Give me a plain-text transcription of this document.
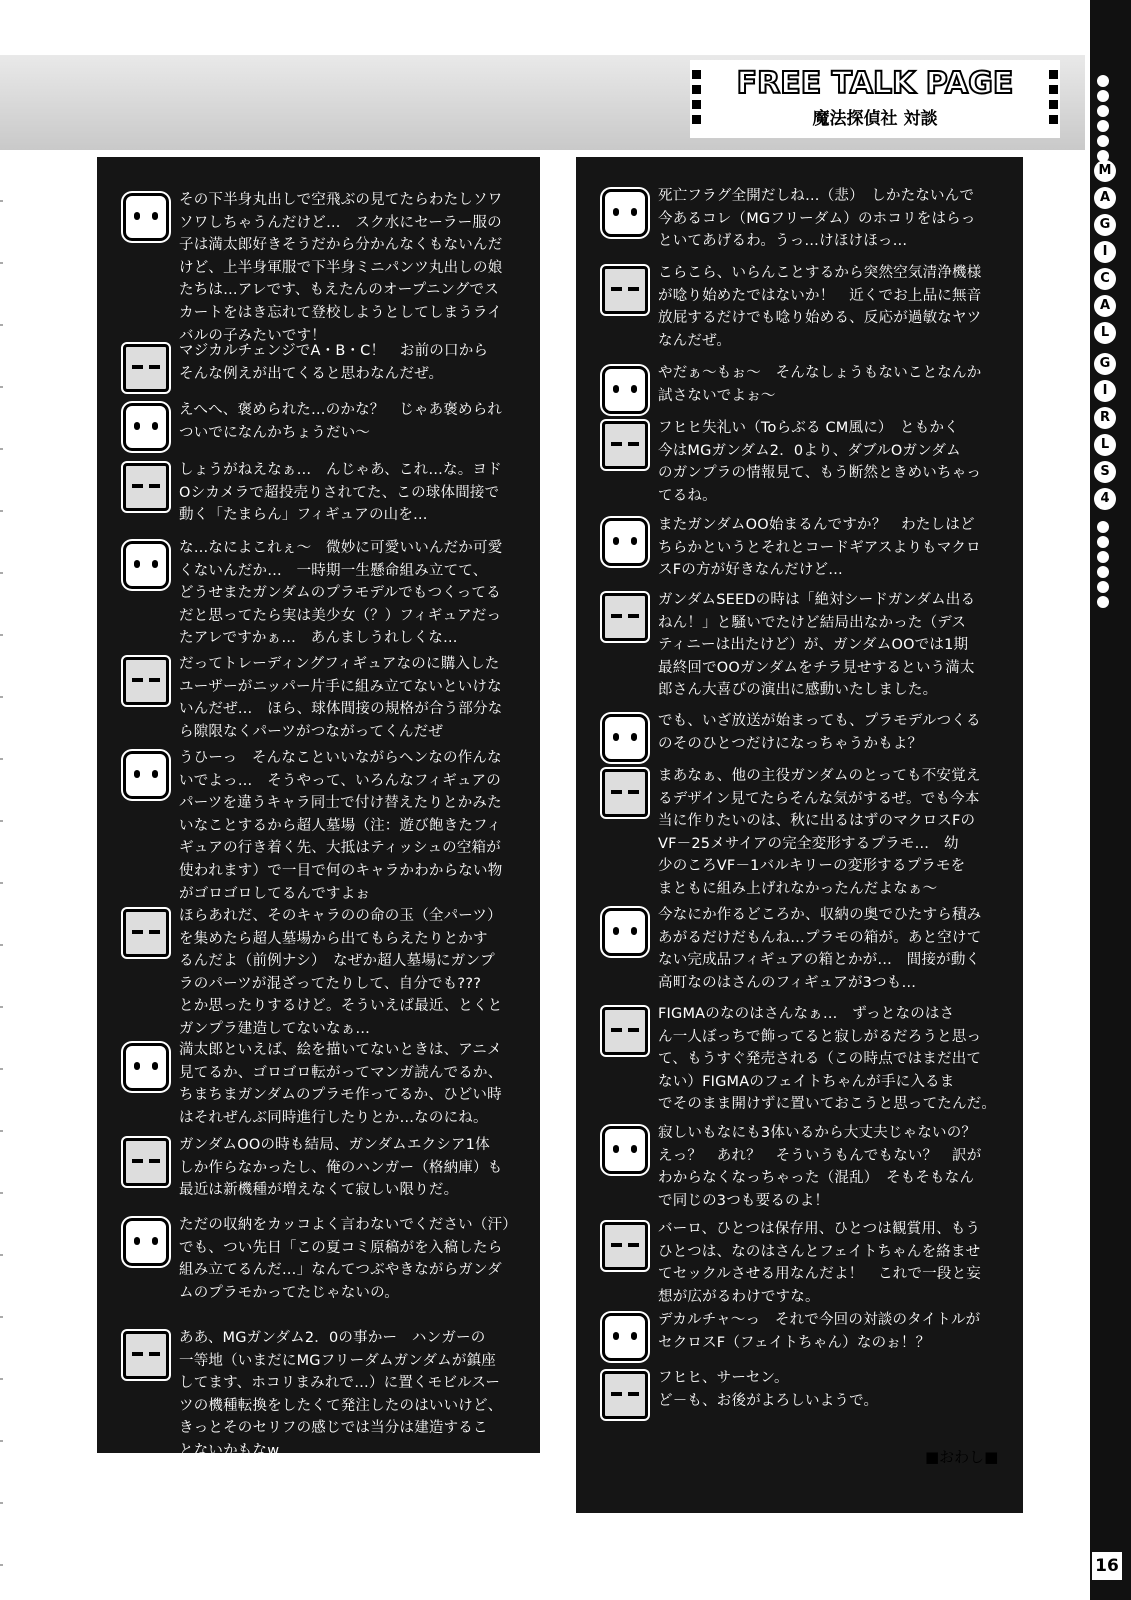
FREE TALK PAGE
魔法探偵社 対談
M
A
G
I
C
A
L
G
I
R
L
S
4
16
その下半身丸出しで空飛ぶの見てたらわたしソワ
ソワしちゃうんだけど…　スク水にセーラー服の
子は満太郎好きそうだから分かんなくもないんだ
けど、上半身軍服で下半身ミニパンツ丸出しの娘
たちは…アレです、もえたんのオープニングでス
カートをはき忘れて登校しようとしてしまうライ
バルの子みたいです！
マジカルチェンジでA・B・C！　お前の口から
そんな例えが出てくると思わなんだぜ。
えへへ、褒められた…のかな？　じゃあ褒められ
ついでになんかちょうだい～
しょうがねえなぁ…　んじゃあ、これ…な。ヨド
Oシカメラで超投売りされてた、この球体間接で
動く「たまらん」フィギュアの山を…
な…なによこれぇ～　微妙に可愛いいんだか可愛
くないんだか…　一時期一生懸命組み立てて、
どうせまたガンダムのプラモデルでもつくってる
だと思ってたら実は美少女（？）フィギュアだっ
たアレですかぁ…　あんましうれしくな…
だってトレーディングフィギュアなのに購入した
ユーザーがニッパー片手に組み立てないといけな
いんだぜ…　ほら、球体間接の規格が合う部分な
ら隙限なくパーツがつながってくんだぜ
うひーっ　そんなこといいながらヘンなの作んな
いでよっ…　そうやって、いろんなフィギュアの
パーツを違うキャラ同士で付け替えたりとかみた
いなことするから超人墓場（注：遊び飽きたフィ
ギュアの行き着く先、大抵はティッシュの空箱が
使われます）で一目で何のキャラかわからない物
がゴロゴロしてるんですよぉ
ほらあれだ、そのキャラのの命の玉（全パーツ）
を集めたら超人墓場から出てもらえたりとかす
るんだよ（前例ナシ）　なぜか超人墓場にガンプ
ラのパーツが混ざってたりして、自分でも???
とか思ったりするけど。そういえば最近、とくと
ガンプラ建造してないなぁ…
満太郎といえば、絵を描いてないときは、アニメ
見てるか、ゴロゴロ転がってマンガ読んでるか、
ちまちまガンダムのプラモ作ってるか、ひどい時
はそれぜんぶ同時進行したりとか…なのにね。
ガンダムOOの時も結局、ガンダムエクシア1体
しか作らなかったし、俺のハンガー（格納庫）も
最近は新機種が増えなくて寂しい限りだ。
ただの収納をカッコよく言わないでください（汗）
でも、つい先日「この夏コミ原稿がを入稿したら
組み立てるんだ…」なんてつぶやきながらガンダ
ムのプラモかってたじゃないの。
ああ、MGガンダム2．0の事かー　ハンガーの
一等地（いまだにMGフリーダムガンダムが鎮座
してます、ホコリまみれで…）に置くモビルスー
ツの機種転換をしたくて発注したのはいいけど、
きっとそのセリフの感じでは当分は建造するこ
とないかもなw
死亡フラグ全開だしね…（悲）　しかたないんで
今あるコレ（MGフリーダム）のホコリをはらっ
といてあげるわ。うっ…けほけほっ…
こらこら、いらんことするから突然空気清浄機様
が唸り始めたではないか！　近くでお上品に無音
放屁するだけでも唸り始める、反応が過敏なヤツ
なんだぜ。
やだぁ～もぉ～　そんなしょうもないことなんか
試さないでよぉ～
フヒヒ失礼い（Toらぶる CM風に）　ともかく
今はMGガンダム2．0より、ダブルOガンダム
のガンプラの情報見て、もう断然ときめいちゃっ
てるね。
またガンダムOO始まるんですか？　わたしはど
ちらかというとそれとコードギアスよりもマクロ
スFの方が好きなんだけど…
ガンダムSEEDの時は「絶対シードガンダム出る
ねん！」と騒いでたけど結局出なかった（デス
ティニーは出たけど）が、ガンダムOOでは1期
最終回でOOガンダムをチラ見せするという満太
郎さん大喜びの演出に感動いたしました。
でも、いざ放送が始まっても、プラモデルつくる
のそのひとつだけになっちゃうかもよ？
まあなぁ、他の主役ガンダムのとっても不安覚え
るデザイン見てたらそんな気がするぜ。でも今本
当に作りたいのは、秋に出るはずのマクロスFの
VF－25メサイアの完全変形するプラモ…　幼
少のころVF－1バルキリーの変形するプラモを
まともに組み上げれなかったんだよなぁ～
今なにか作るどころか、収納の奥でひたすら積み
あがるだけだもんね…プラモの箱が。あと空けて
ない完成品フィギュアの箱とかが…　間接が動く
高町なのはさんのフィギュアが3つも…
FIGMAのなのはさんなぁ…　ずっとなのはさ
ん一人ぼっちで飾ってると寂しがるだろうと思っ
て、もうすぐ発売される（この時点ではまだ出て
ない）FIGMAのフェイトちゃんが手に入るま
でそのまま開けずに置いておこうと思ってたんだ。
寂しいもなにも3体いるから大丈夫じゃないの？
えっ？　あれ？　そういうもんでもない？　訳が
わからなくなっちゃった（混乱）　そもそもなん
で同じの3つも要るのよ！
バーロ、ひとつは保存用、ひとつは観賞用、もう
ひとつは、なのはさんとフェイトちゃんを絡ませ
てセックルさせる用なんだよ！　これで一段と妄
想が広がるわけですな。
デカルチャ～っ　それで今回の対談のタイトルが
セクロスF（フェイトちゃん）なのぉ！？
フヒヒ、サーセン。
ど－も、お後がよろしいようで。
■おわし■
